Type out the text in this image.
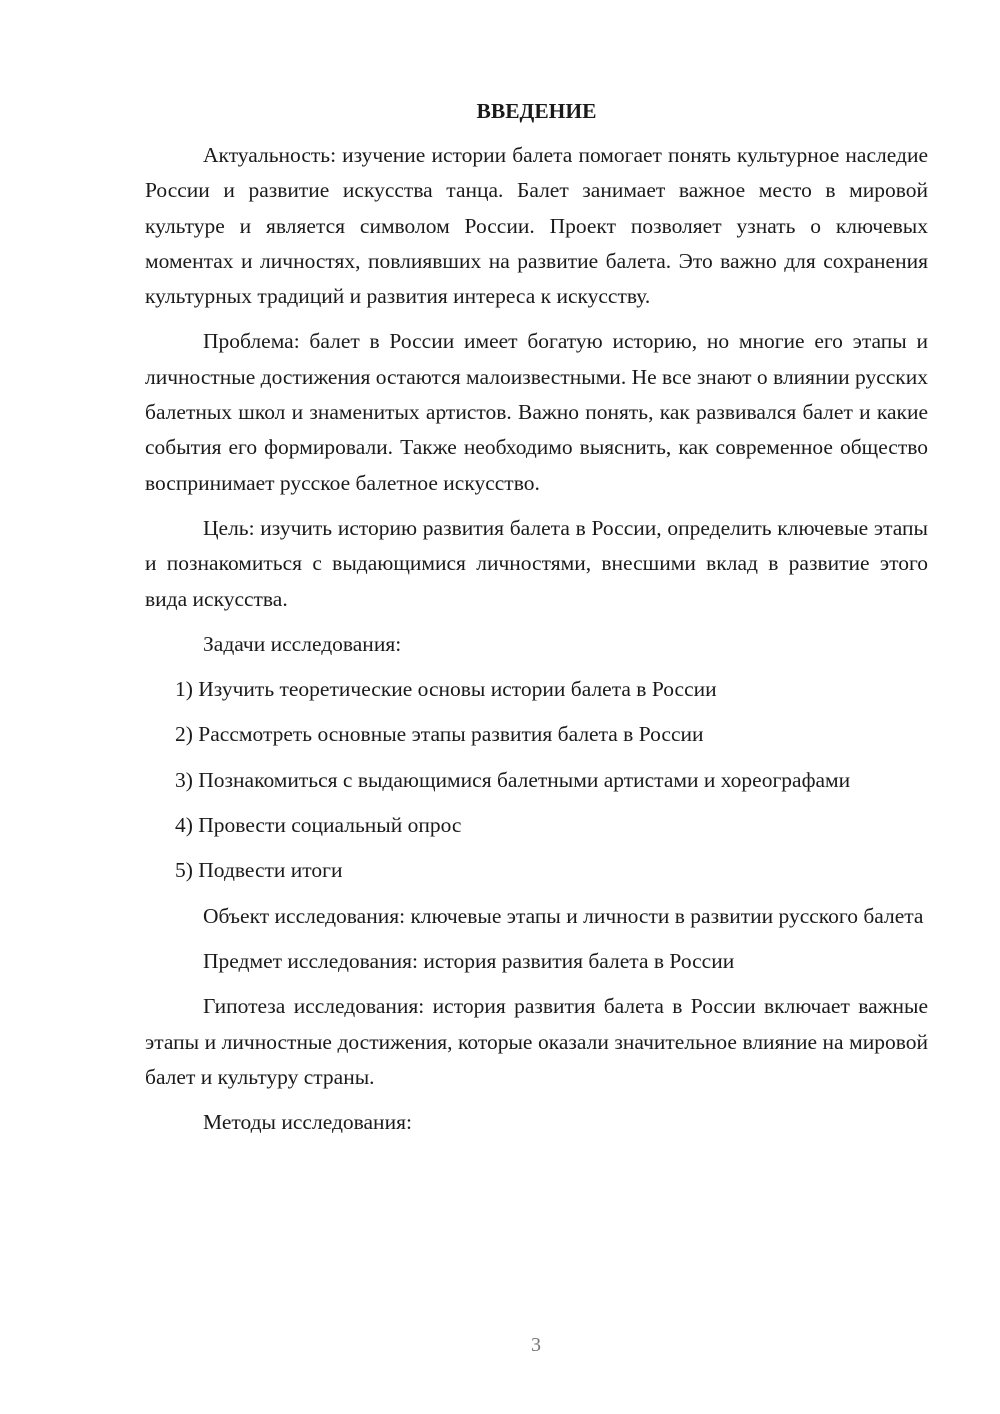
ВВЕДЕНИЕ

Актуальность: изучение истории балета помогает понять культурное наследие России и развитие искусства танца. Балет занимает важное место в мировой культуре и является символом России. Проект позволяет узнать о ключевых моментах и личностях, повлиявших на развитие балета. Это важно для сохранения культурных традиций и развития интереса к искусству.

Проблема: балет в России имеет богатую историю, но многие его этапы и личностные достижения остаются малоизвестными. Не все знают о влиянии русских балетных школ и знаменитых артистов. Важно понять, как развивался балет и какие события его формировали. Также необходимо выяснить, как современное общество воспринимает русское балетное искусство.

Цель: изучить историю развития балета в России, определить ключевые этапы и познакомиться с выдающимися личностями, внесшими вклад в развитие этого вида искусства.

Задачи исследования:

1) Изучить теоретические основы истории балета в России

2) Рассмотреть основные этапы развития балета в России

3) Познакомиться с выдающимися балетными артистами и хореографами

4) Провести социальный опрос

5) Подвести итоги

Объект исследования: ключевые этапы и личности в развитии русского балета

Предмет исследования: история развития балета в России

Гипотеза исследования: история развития балета в России включает важные этапы и личностные достижения, которые оказали значительное влияние на мировой балет и культуру страны.

Методы исследования:

3
